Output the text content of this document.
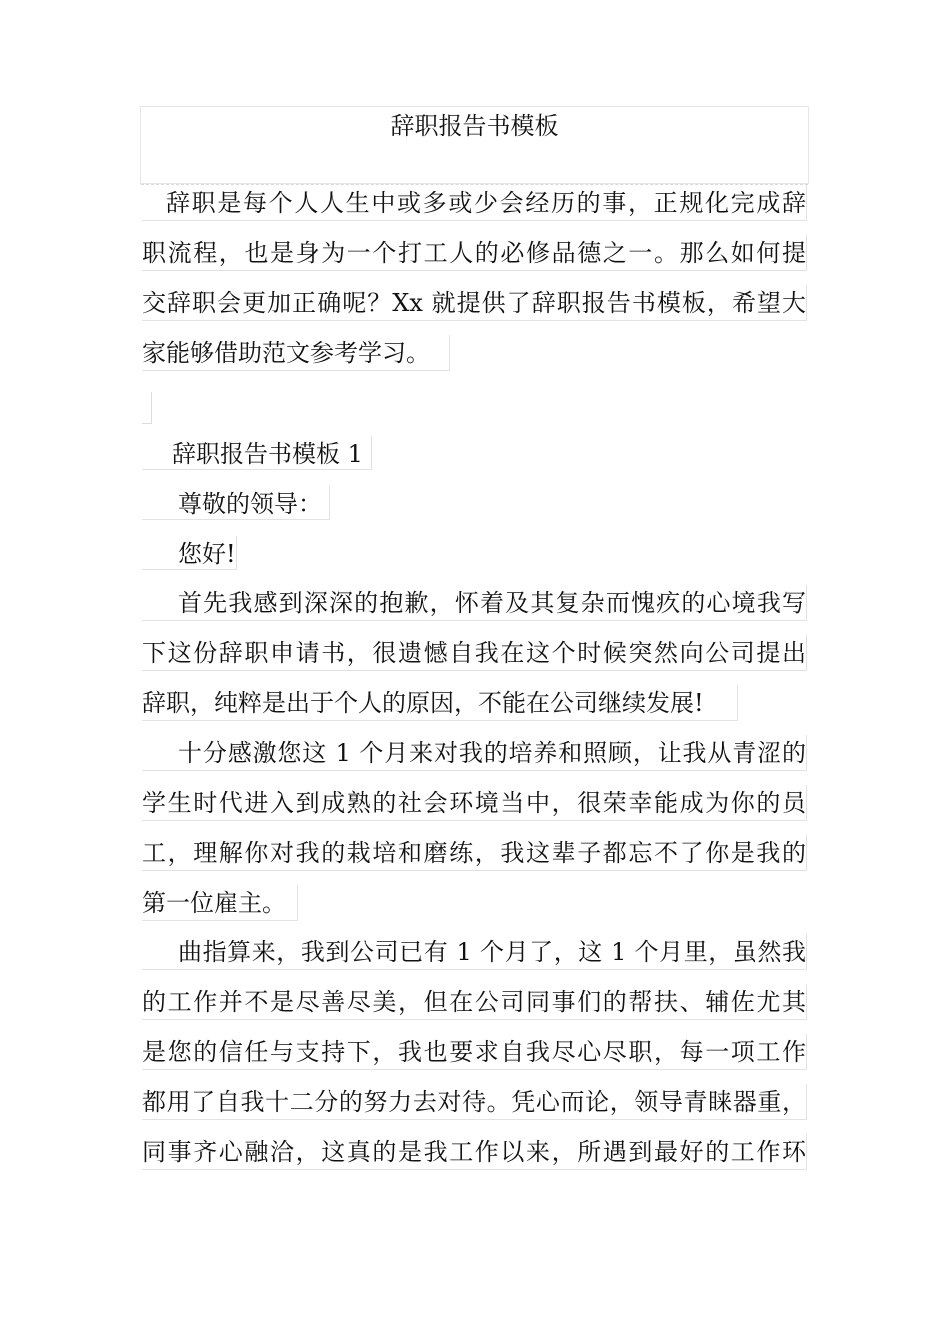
辞职报告书模板
辞职是每个人人生中或多或少会经历的事，正规化完成辞
职流程，也是身为一个打工人的必修品德之一。那么如何提
交辞职会更加正确呢？Xx 就提供了辞职报告书模板，希望大
家能够借助范文参考学习。
辞职报告书模板 1
尊敬的领导：
您好!
首先我感到深深的抱歉，怀着及其复杂而愧疚的心境我写
下这份辞职申请书，很遗憾自我在这个时候突然向公司提出
辞职，纯粹是出于个人的原因，不能在公司继续发展!
十分感激您这 1 个月来对我的培养和照顾，让我从青涩的
学生时代进入到成熟的社会环境当中，很荣幸能成为你的员
工，理解你对我的栽培和磨练，我这辈子都忘不了你是我的
第一位雇主。
曲指算来，我到公司已有 1 个月了，这 1 个月里，虽然我
的工作并不是尽善尽美，但在公司同事们的帮扶、辅佐尤其
是您的信任与支持下，我也要求自我尽心尽职，每一项工作
都用了自我十二分的努力去对待。凭心而论，领导青睐器重，
同事齐心融洽，这真的是我工作以来，所遇到最好的工作环
